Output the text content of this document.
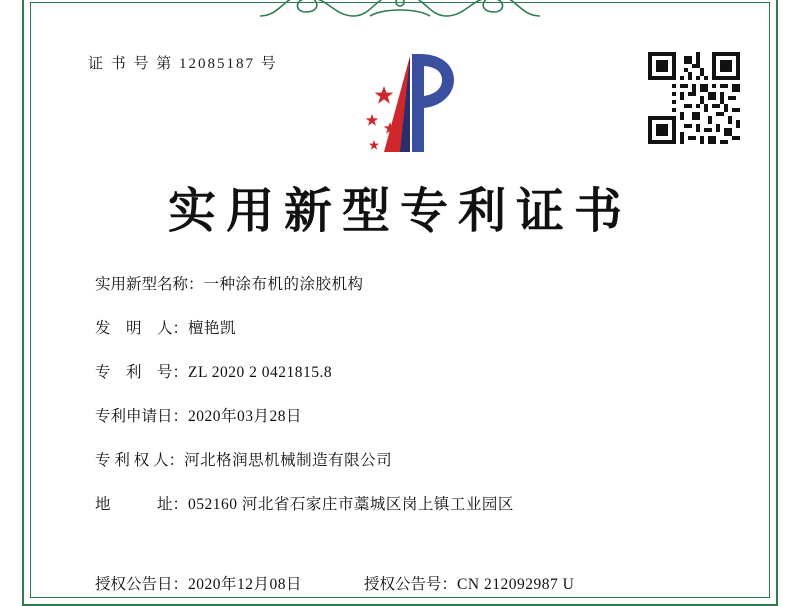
证 书 号 第 12085187 号
实用新型专利证书
实用新型名称： 一种涂布机的涂胶机构
发　明　人： 檀艳凯
专　利　号： ZL 2020 2 0421815.8
专利申请日： 2020年03月28日
专 利 权 人： 河北格润思机械制造有限公司
地　　　址： 052160 河北省石家庄市藁城区岗上镇工业园区
授权公告日： 2020年12月08日	授权公告号： CN 212092987 U
